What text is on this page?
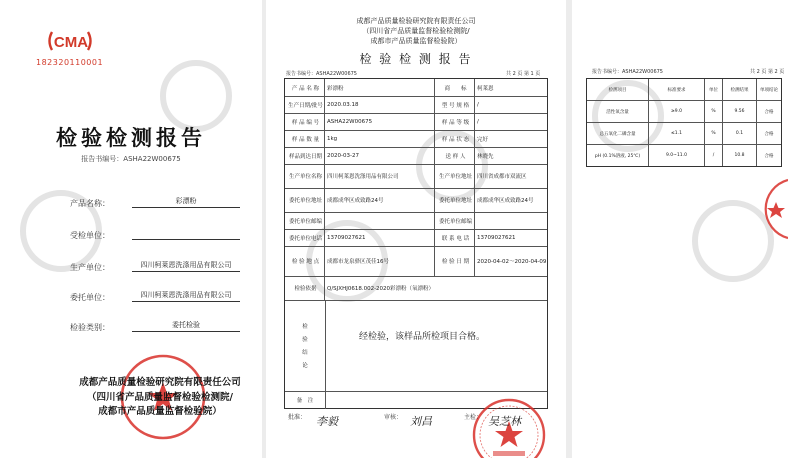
CMA
182320110001
检验检测报告
报告书编号：ASHA22W00675
产品名称：	彩漂粉
受检单位：
生产单位：	四川柯莱恩洗涤用品有限公司
委托单位：	四川柯莱恩洗涤用品有限公司
检验类别：	委托检验
成都产品质量检验研究院有限责任公司
（四川省产品质量监督检验检测院/
成都市产品质量监督检验院）
成都产品质量检验研究院有限责任公司
（四川省产品质量监督检验检测院/
成都市产品质量监督检验院）
检 验 检 测 报 告
报告书编号：ASHA22W00675	共 2 页 第 1 页
产 品 名 称	彩漂粉	商　　标	柯莱恩
生产日期/批号 2020.03.18	型 号 规 格	/
样 品 编 号	ASHA22W00675	样 品 等 级	/
样 品 数 量	1kg	样 品 状 态	完好
样品到达日期 2020-03-27	送 样 人	林晓先
生产单位名称 四川柯莱恩洗涤用品有限公司	生产单位地址 四川省成都市双流区
委托单位地址 成都成华区成致路24号	委托单位地址 成都成华区成致路24号
委托单位邮编	委托单位邮编
委托单位电话 13709027621	联 系 电 话	13709027621
检 验 地 点	成都市龙泉驿区茂佳16号	检 验 日 期	2020-04-02～2020-04-09
检验依据	Q/SJXHJ0618.002-2020彩漂粉（氧漂粉）
检
验
结
论
经检验，该样品所检项目合格。
备　注
批准： 李毅	审核： 刘昌	主检： 吴芝林
报告书编号：ASHA22W00675	共 2 页 第 2 页
检测项目	标准要求	单位	检测结果	单项结论
活性氧含量	≥9.0	%	9.56	合格
总五氧化二磷含量	≤1.1	%	0.1	合格
pH (0.1%溶液, 25℃)	9.0~11.0	/	10.8	合格
